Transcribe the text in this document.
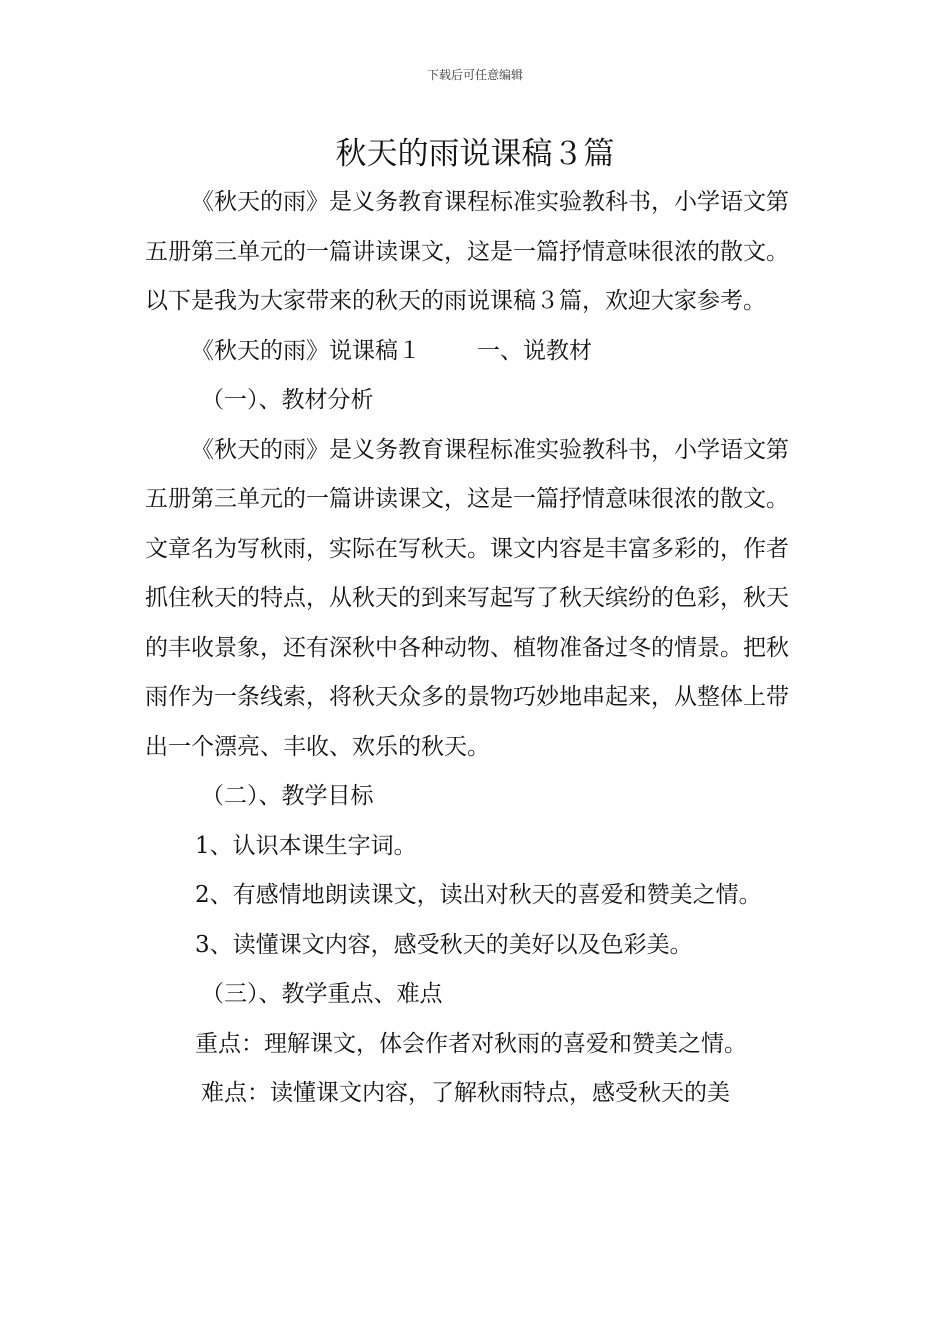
下载后可任意编辑
秋天的雨说课稿３篇

《秋天的雨》是义务教育课程标准实验教科书，小学语文第五册第三单元的一篇讲读课文，这是一篇抒情意味很浓的散文。以下是我为大家带来的秋天的雨说课稿３篇，欢迎大家参考。

《秋天的雨》说课稿１ 一、说教材

（一）、教材分析

《秋天的雨》是义务教育课程标准实验教科书，小学语文第五册第三单元的一篇讲读课文，这是一篇抒情意味很浓的散文。文章名为写秋雨，实际在写秋天。课文内容是丰富多彩的，作者抓住秋天的特点，从秋天的到来写起写了秋天缤纷的色彩，秋天的丰收景象，还有深秋中各种动物、植物准备过冬的情景。把秋雨作为一条线索，将秋天众多的景物巧妙地串起来，从整体上带出一个漂亮、丰收、欢乐的秋天。

（二）、教学目标

1、认识本课生字词。

2、有感情地朗读课文，读出对秋天的喜爱和赞美之情。

3、读懂课文内容，感受秋天的美好以及色彩美。

（三）、教学重点、难点

重点：理解课文，体会作者对秋雨的喜爱和赞美之情。

难点：读懂课文内容，了解秋雨特点，感受秋天的美
